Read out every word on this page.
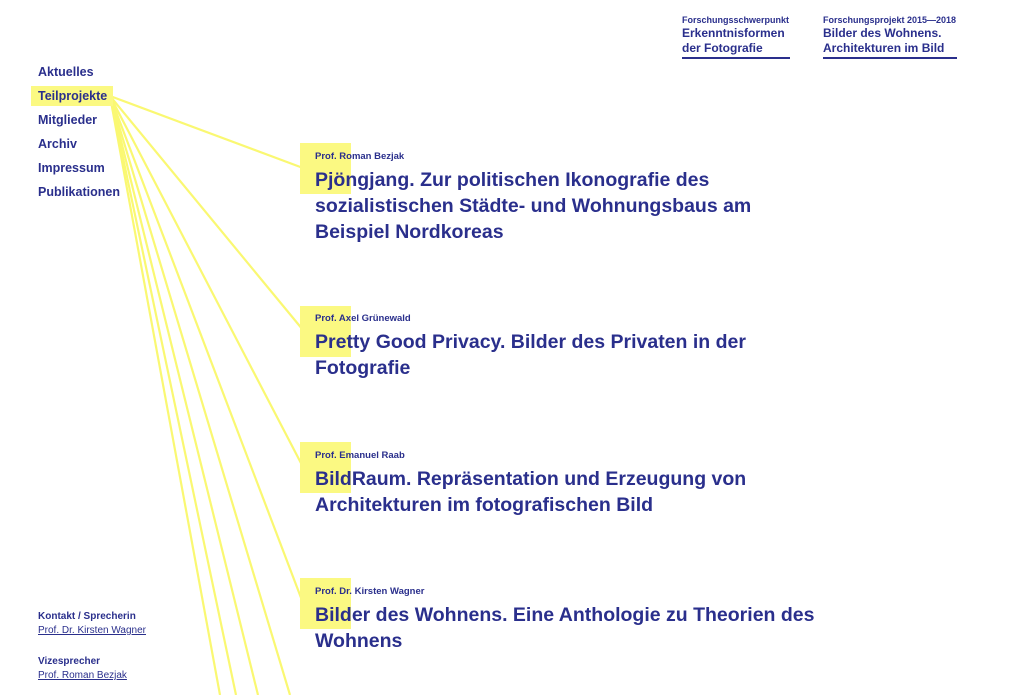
Forschungsschwerpunkt
Erkenntnisformen
der Fotografie
Forschungsprojekt 2015—2018
Bilder des Wohnens.
Architekturen im Bild
Aktuelles
Teilprojekte
Mitglieder
Archiv
Impressum
Publikationen
Prof. Roman Bezjak
Pjöngjang. Zur politischen Ikonografie des
sozialistischen Städte- und Wohnungsbaus am
Beispiel Nordkoreas
Prof. Axel Grünewald
Pretty Good Privacy. Bilder des Privaten in der
Fotografie
Prof. Emanuel Raab
BildRaum. Repräsentation und Erzeugung von
Architekturen im fotografischen Bild
Prof. Dr. Kirsten Wagner
Bilder des Wohnens. Eine Anthologie zu Theorien des
Wohnens
Kontakt / Sprecherin
Prof. Dr. Kirsten Wagner
Vizesprecher
Prof. Roman Bezjak
